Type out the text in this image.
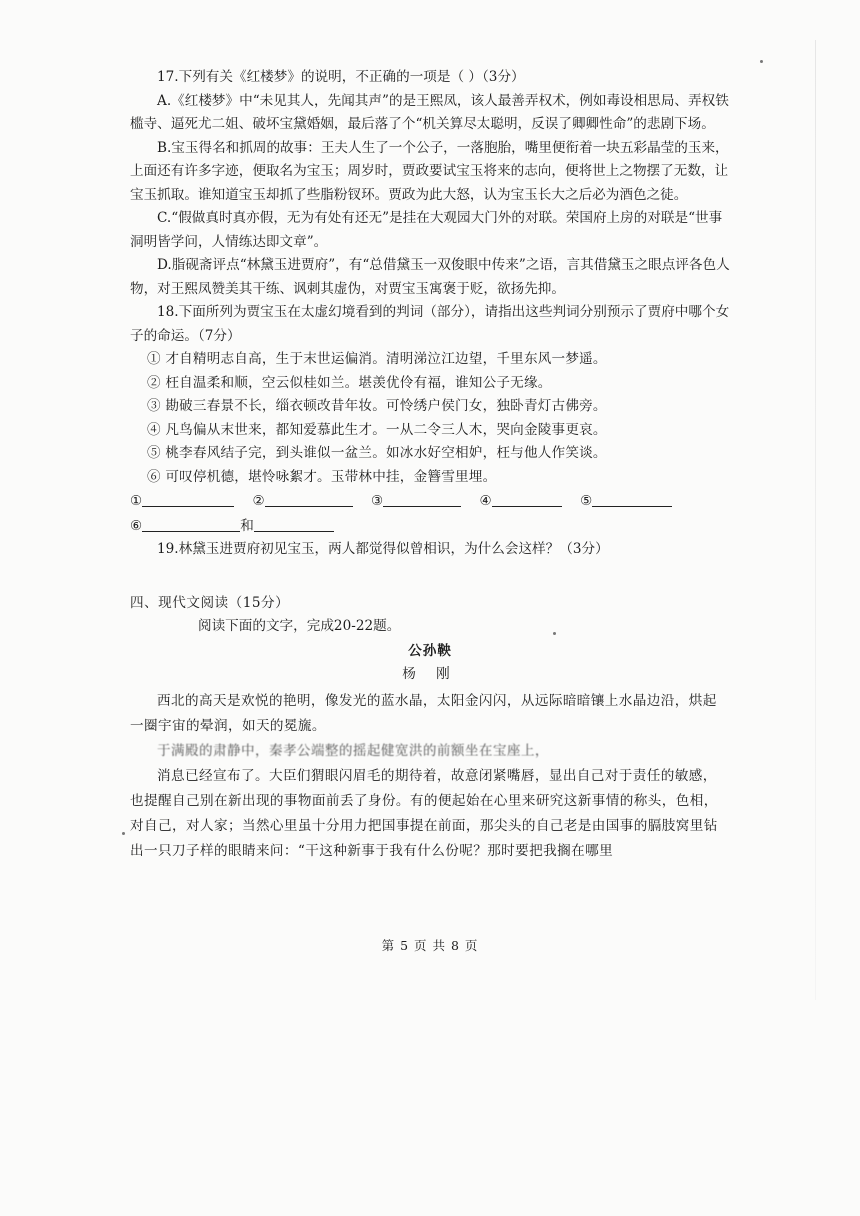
17.下列有关《红楼梦》的说明，不正确的一项是（ ）（3分）

A.《红楼梦》中“未见其人，先闻其声”的是王熙凤，该人最善弄权术，例如毒设相思局、弄权铁槛寺、逼死尤二姐、破坏宝黛婚姻，最后落了个“机关算尽太聪明，反误了卿卿性命”的悲剧下场。

B.宝玉得名和抓周的故事：王夫人生了一个公子，一落胞胎，嘴里便衔着一块五彩晶莹的玉来，上面还有许多字迹，便取名为宝玉；周岁时，贾政要试宝玉将来的志向，便将世上之物摆了无数，让宝玉抓取。谁知道宝玉却抓了些脂粉钗环。贾政为此大怒，认为宝玉长大之后必为酒色之徒。

C.“假做真时真亦假，无为有处有还无”是挂在大观园大门外的对联。荣国府上房的对联是“世事洞明皆学问，人情练达即文章”。

D.脂砚斋评点“林黛玉进贾府”，有“总借黛玉一双俊眼中传来”之语，言其借黛玉之眼点评各色人物，对王熙凤赞美其干练、讽刺其虚伪，对贾宝玉寓褒于贬，欲扬先抑。

18.下面所列为贾宝玉在太虚幻境看到的判词（部分），请指出这些判词分别预示了贾府中哪个女子的命运。（7分）

① 才自精明志自高，生于末世运偏消。清明涕泣江边望，千里东风一梦遥。

② 枉自温柔和顺，空云似桂如兰。堪羡优伶有福，谁知公子无缘。

③ 勘破三春景不长，缁衣顿改昔年妆。可怜绣户侯门女，独卧青灯古佛旁。

④ 凡鸟偏从末世来，都知爱慕此生才。一从二令三人木，哭向金陵事更哀。

⑤ 桃李春风结子完，到头谁似一盆兰。如冰水好空相妒，枉与他人作笑谈。

⑥ 可叹停机德，堪怜咏絮才。玉带林中挂，金簪雪里埋。

①	②	③	④	⑤

⑥	和

19.林黛玉进贾府初见宝玉，两人都觉得似曾相识，为什么会这样？（3分）

四、现代文阅读（15分）

阅读下面的文字，完成20-22题。

公孙鞅

杨 刚

西北的高天是欢悦的艳明，像发光的蓝水晶，太阳金闪闪，从远际暗暗镶上水晶边沿，烘起一圈宇宙的晕润，如天的冕旒。

于满殿的肃静中，秦孝公端整的摇起健宽洪的前额坐在宝座上，

消息已经宣布了。大臣们猬眼闪眉毛的期待着，故意闭紧嘴唇，显出自己对于责任的敏感，也提醒自己别在新出现的事物面前丢了身份。有的便起始在心里来研究这新事情的称头，色相，对自己，对人家；当然心里虽十分用力把国事提在前面，那尖头的自己老是由国事的膈肢窝里钻出一只刀子样的眼睛来问：“干这种新事于我有什么份呢？那时要把我搁在哪里

第 5 页 共 8 页
